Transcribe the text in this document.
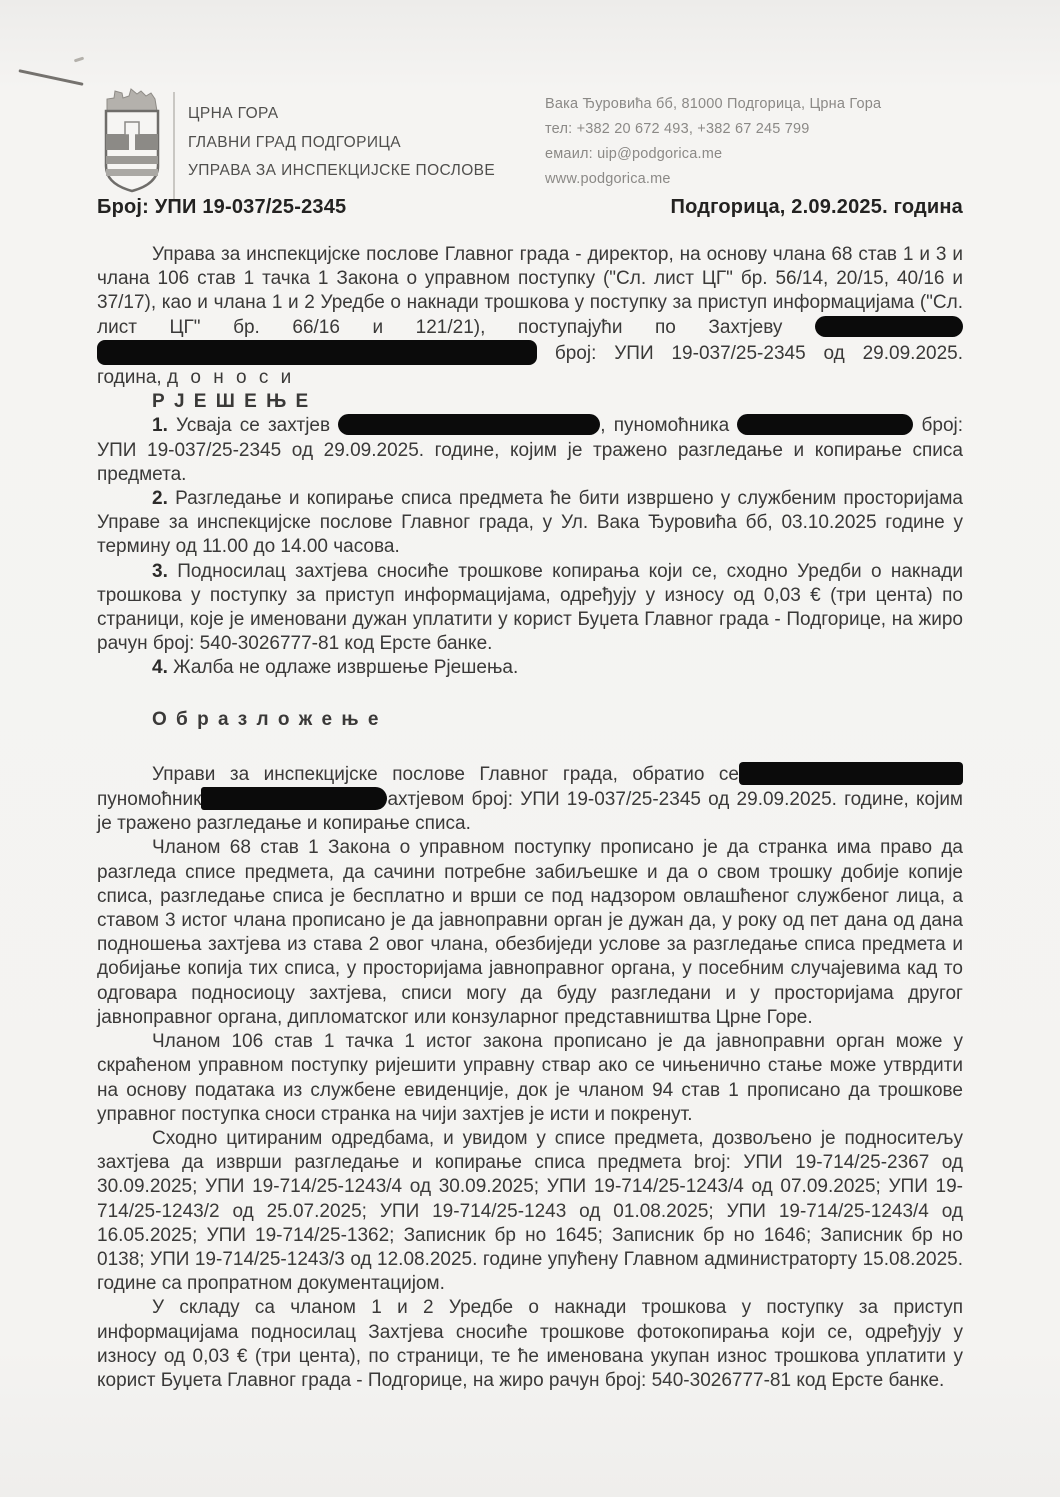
ЦРНА ГОРА
ГЛАВНИ ГРАД ПОДГОРИЦА
УПРАВА ЗА ИНСПЕКЦИЈСКЕ ПОСЛОВЕ
Вака Ђуровића бб, 81000 Подгорица, Црна Гора
тел: +382 20 672 493, +382 67 245 799
емаил: uip@podgorica.me
www.podgorica.me
Број: УПИ 19-037/25-2345	Подгорица, 2.09.2025. година

Управа за инспекцијске послове Главног града - директор, на основу члана 68 став 1 и 3 и члана 106 став 1 тачка 1 Закона о управном поступку ("Сл. лист ЦГ" бр. 56/14, 20/15, 40/16 и 37/17), као и члана 1 и 2 Уредбе о накнади трошкова у поступку за приступ информацијама ("Сл. лист ЦГ" бр. 66/16 и 121/21), поступајући по Захтјеву   број: УПИ 19-037/25-2345 од 29.09.2025. година, д о н о с и

Р Ј Е Ш Е Њ Е

1. Усваја се захтјев	, пуномоћника	број: УПИ 19-037/25-2345 од 29.09.2025. године, којим је тражено разгледање и копирање списа предмета.

2. Разгледање и копирање списа предмета ће бити извршено у службеним просторијама Управе за инспекцијске послове Главног града, у Ул. Вака Ђуровића бб, 03.10.2025 године у термину од 11.00 до 14.00 часова.

3. Подносилац захтјева сносиће трошкове копирања који се, сходно Уредби о накнади трошкова у поступку за приступ информацијама, одређују у износу од 0,03 € (три цента) по страници, које је именовани дужан уплатити у корист Буџета Главног града - Подгорице, на жиро рачун број: 540-3026777-81 код Ерсте банке.

4. Жалба не одлаже извршење Рјешења.

О б р а з л о ж е њ е

Управи за инспекцијске послове Главног града, обратио се пуномоћник	ахтјевом број: УПИ 19-037/25-2345 од 29.09.2025. године, којим је тражено разгледање и копирање списа.

Чланом 68 став 1 Закона о управном поступку прописано је да странка има право да разгледа списе предмета, да сачини потребне забиљешке и да о свом трошку добије копије списа, разгледање списа је бесплатно и врши се под надзором овлашћеног службеног лица, а ставом 3 истог члана прописано је да јавноправни орган је дужан да, у року од пет дана од дана подношења захтјева из става 2 овог члана, обезбиједи услове за разгледање списа предмета и добијање копија тих списа, у просторијама јавноправног органа, у посебним случајевима кад то одговара подносиоцу захтјева, списи могу да буду разгледани и у просторијама другог јавноправног органа, дипломатског или конзуларног представништва Црне Горе.

Чланом 106 став 1 тачка 1 истог закона прописано је да јавноправни орган може у скраћеном управном поступку ријешити управну ствар ако се чињенично стање може утврдити на основу података из службене евиденције, док је чланом 94 став 1 прописано да трошкове управног поступка сноси странка на чији захтјев је исти и покренут.

Сходно цитираним одредбама, и увидом у списе предмета, дозвољено је подноситељу захтјева да изврши разгледање и копирање списа предмета broj: УПИ 19-714/25-2367 од 30.09.2025; УПИ 19-714/25-1243/4 од 30.09.2025; УПИ 19-714/25-1243/4 од 07.09.2025; УПИ 19-714/25-1243/2 од 25.07.2025; УПИ 19-714/25-1243 од 01.08.2025; УПИ 19-714/25-1243/4 од 16.05.2025; УПИ 19-714/25-1362; Записник бр но 1645; Записник бр но 1646; Записник бр но 0138; УПИ 19-714/25-1243/3 од 12.08.2025. године упућену Главном администраторту 15.08.2025. године са пропратном документацијом.

У складу са чланом 1 и 2 Уредбе о накнади трошкова у поступку за приступ информацијама подносилац Захтјева сносиће трошкове фотокопирања који се, одређују у износу од 0,03 € (три цента), по страници, те ће именована укупан износ трошкова уплатити у корист Буџета Главног града - Подгорице, на жиро рачун број: 540-3026777-81 код Ерсте банке.
